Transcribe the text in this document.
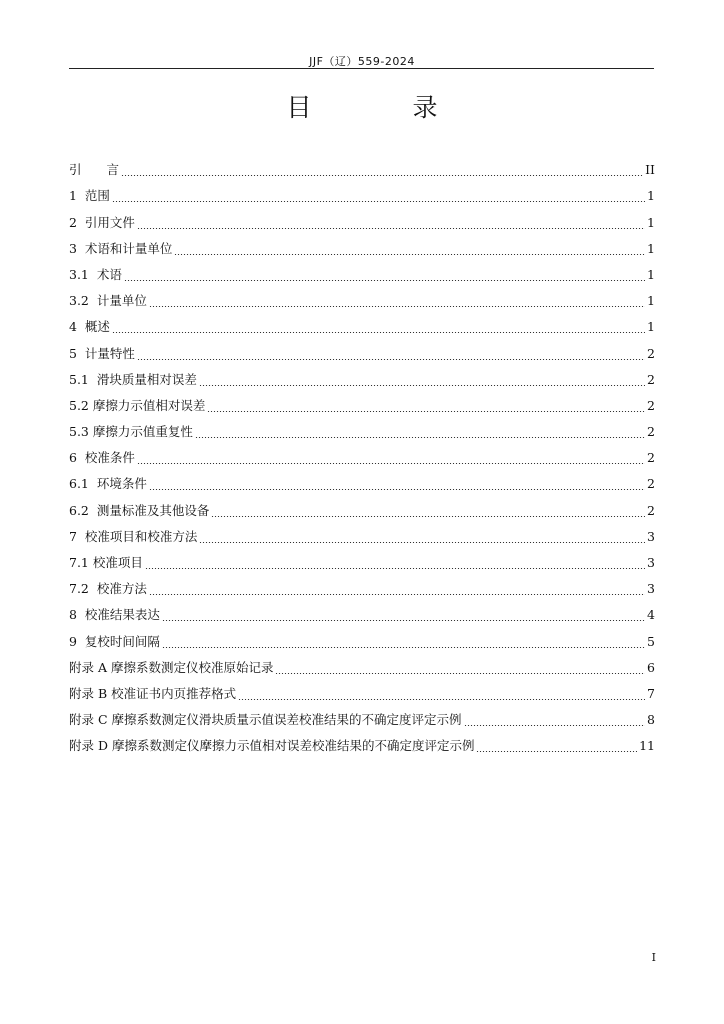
JJF（辽）559-2024
目　录
引　　言	II
1  范围	1
2  引用文件	1
3  术语和计量单位	1
3.1  术语	1
3.2  计量单位	1
4  概述	1
5  计量特性	2
5.1  滑块质量相对误差	2
5.2 摩擦力示值相对误差	2
5.3 摩擦力示值重复性	2
6  校准条件	2
6.1  环境条件	2
6.2  测量标准及其他设备	2
7  校准项目和校准方法	3
7.1 校准项目	3
7.2  校准方法	3
8  校准结果表达	4
9  复校时间间隔	5
附录 A 摩擦系数测定仪校准原始记录	6
附录 B 校准证书内页推荐格式	7
附录 C 摩擦系数测定仪滑块质量示值误差校准结果的不确定度评定示例	8
附录 D 摩擦系数测定仪摩擦力示值相对误差校准结果的不确定度评定示例	11
I
